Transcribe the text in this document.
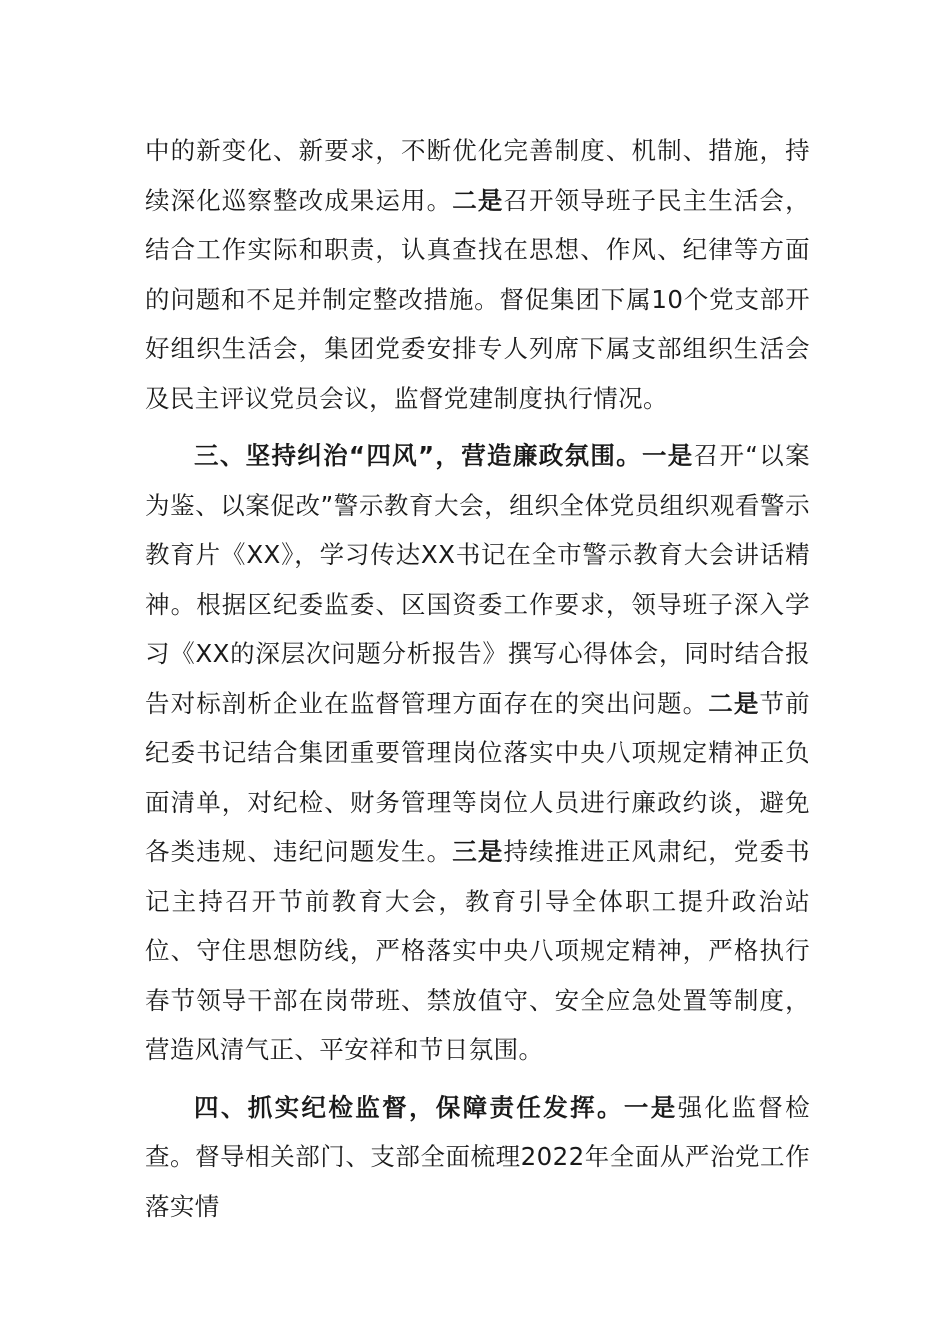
中的新变化、新要求，不断优化完善制度、机制、措施，持续深化巡察整改成果运用。二是召开领导班子民主生活会，结合工作实际和职责，认真查找在思想、作风、纪律等方面的问题和不足并制定整改措施。督促集团下属10个党支部开好组织生活会，集团党委安排专人列席下属支部组织生活会及民主评议党员会议，监督党建制度执行情况。

三、坚持纠治“四风”，营造廉政氛围。一是召开“以案为鉴、以案促改”警示教育大会，组织全体党员组织观看警示教育片《XX》，学习传达XX书记在全市警示教育大会讲话精神。根据区纪委监委、区国资委工作要求，领导班子深入学习《XX的深层次问题分析报告》撰写心得体会，同时结合报告对标剖析企业在监督管理方面存在的突出问题。二是节前纪委书记结合集团重要管理岗位落实中央八项规定精神正负面清单，对纪检、财务管理等岗位人员进行廉政约谈，避免各类违规、违纪问题发生。三是持续推进正风肃纪，党委书记主持召开节前教育大会，教育引导全体职工提升政治站位、守住思想防线，严格落实中央八项规定精神，严格执行春节领导干部在岗带班、禁放值守、安全应急处置等制度，营造风清气正、平安祥和节日氛围。

四、抓实纪检监督，保障责任发挥。一是强化监督检查。督导相关部门、支部全面梳理2022年全面从严治党工作落实情
